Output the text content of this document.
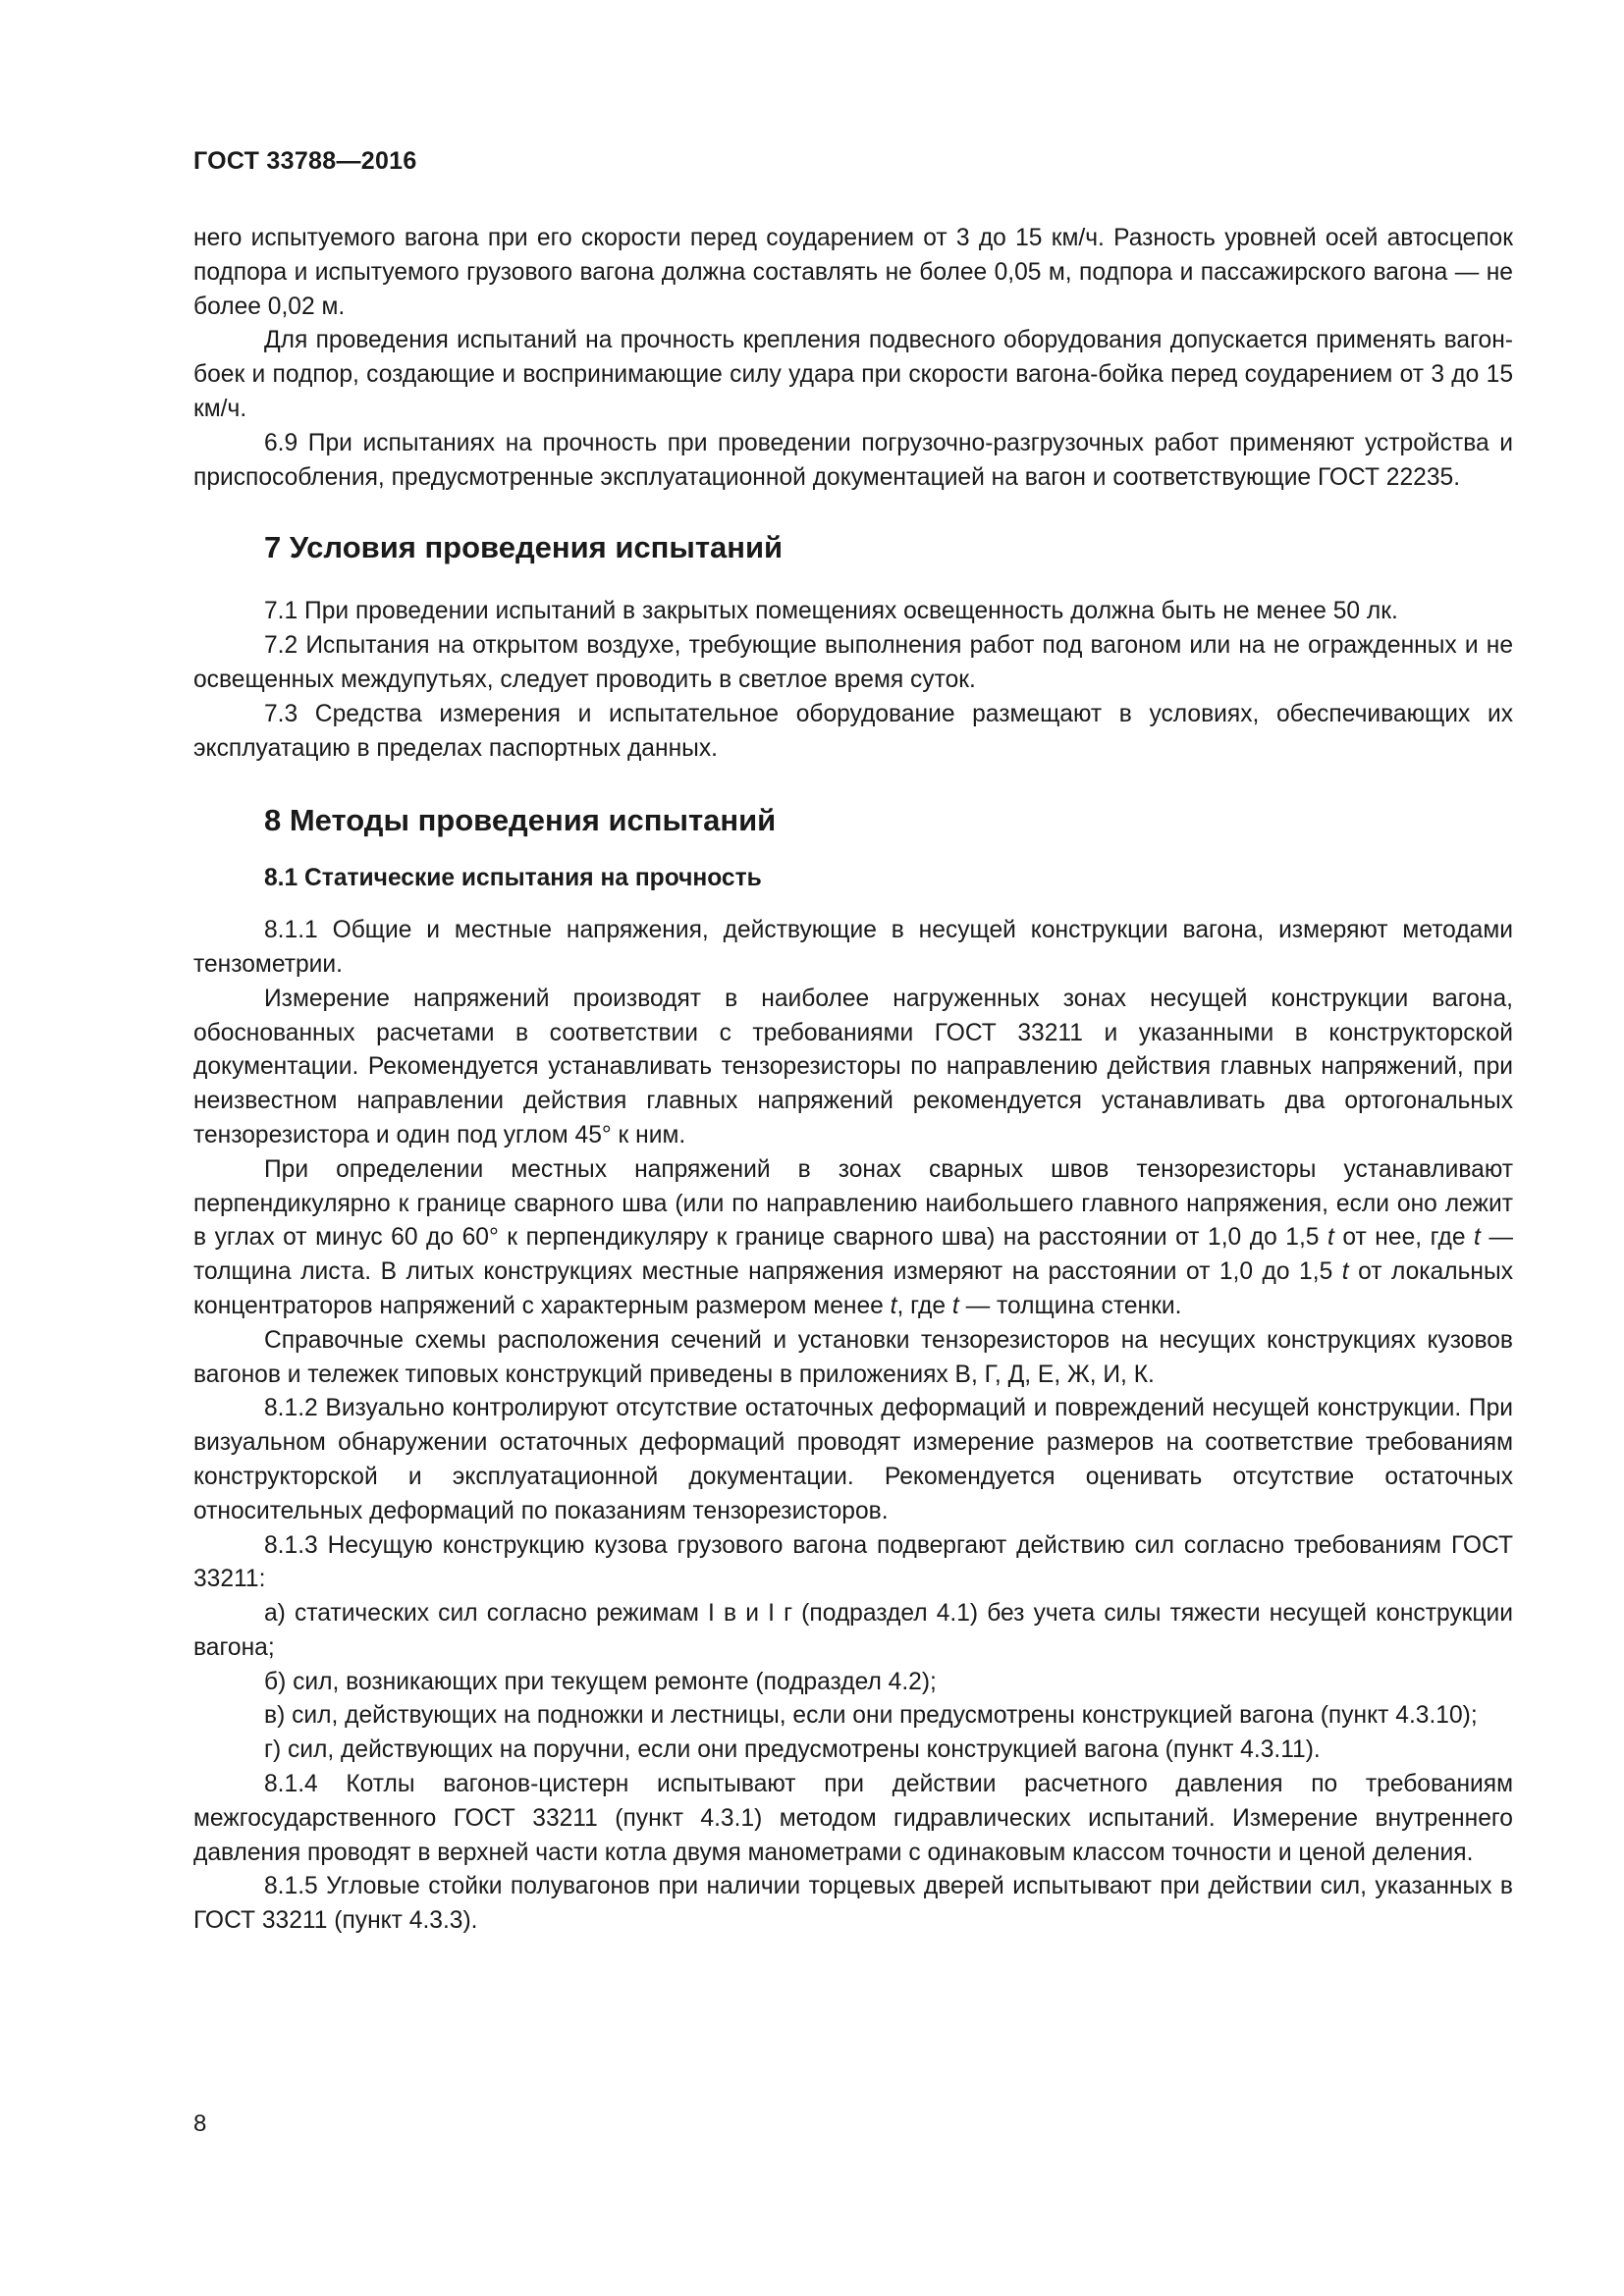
ГОСТ 33788—2016

него испытуемого вагона при его скорости перед соударением от 3 до 15 км/ч. Разность уровней осей автосцепок подпора и испытуемого грузового вагона должна составлять не более 0,05 м, подпора и пассажирского вагона — не более 0,02 м.

Для проведения испытаний на прочность крепления подвесного оборудования допускается применять вагон-боек и подпор, создающие и воспринимающие силу удара при скорости вагона-бойка перед соударением от 3 до 15 км/ч.

6.9 При испытаниях на прочность при проведении погрузочно-разгрузочных работ применяют устройства и приспособления, предусмотренные эксплуатационной документацией на вагон и соответствующие ГОСТ 22235.

7 Условия проведения испытаний

7.1 При проведении испытаний в закрытых помещениях освещенность должна быть не менее 50 лк.

7.2 Испытания на открытом воздухе, требующие выполнения работ под вагоном или на не огражденных и не освещенных междупутьях, следует проводить в светлое время суток.

7.3 Средства измерения и испытательное оборудование размещают в условиях, обеспечивающих их эксплуатацию в пределах паспортных данных.

8 Методы проведения испытаний
8.1 Статические испытания на прочность

8.1.1 Общие и местные напряжения, действующие в несущей конструкции вагона, измеряют методами тензометрии.

Измерение напряжений производят в наиболее нагруженных зонах несущей конструкции вагона, обоснованных расчетами в соответствии с требованиями ГОСТ 33211 и указанными в конструкторской документации. Рекомендуется устанавливать тензорезисторы по направлению действия главных напряжений, при неизвестном направлении действия главных напряжений рекомендуется устанавливать два ортогональных тензорезистора и один под углом 45° к ним.

При определении местных напряжений в зонах сварных швов тензорезисторы устанавливают перпендикулярно к границе сварного шва (или по направлению наибольшего главного напряжения, если оно лежит в углах от минус 60 до 60° к перпендикуляру к границе сварного шва) на расстоянии от 1,0 до 1,5 t от нее, где t — толщина листа. В литых конструкциях местные напряжения измеряют на расстоянии от 1,0 до 1,5 t от локальных концентраторов напряжений с характерным размером менее t, где t — толщина стенки.

Справочные схемы расположения сечений и установки тензорезисторов на несущих конструкциях кузовов вагонов и тележек типовых конструкций приведены в приложениях В, Г, Д, Е, Ж, И, К.

8.1.2 Визуально контролируют отсутствие остаточных деформаций и повреждений несущей конструкции. При визуальном обнаружении остаточных деформаций проводят измерение размеров на соответствие требованиям конструкторской и эксплуатационной документации. Рекомендуется оценивать отсутствие остаточных относительных деформаций по показаниям тензорезисторов.

8.1.3 Несущую конструкцию кузова грузового вагона подвергают действию сил согласно требованиям ГОСТ 33211:

а) статических сил согласно режимам I в и I г (подраздел 4.1) без учета силы тяжести несущей конструкции вагона;

б) сил, возникающих при текущем ремонте (подраздел 4.2);

в) сил, действующих на подножки и лестницы, если они предусмотрены конструкцией вагона (пункт 4.3.10);

г) сил, действующих на поручни, если они предусмотрены конструкцией вагона (пункт 4.3.11).

8.1.4 Котлы вагонов-цистерн испытывают при действии расчетного давления по требованиям межгосударственного ГОСТ 33211 (пункт 4.3.1) методом гидравлических испытаний. Измерение внутреннего давления проводят в верхней части котла двумя манометрами с одинаковым классом точности и ценой деления.

8.1.5 Угловые стойки полувагонов при наличии торцевых дверей испытывают при действии сил, указанных в ГОСТ 33211 (пункт 4.3.3).

8
